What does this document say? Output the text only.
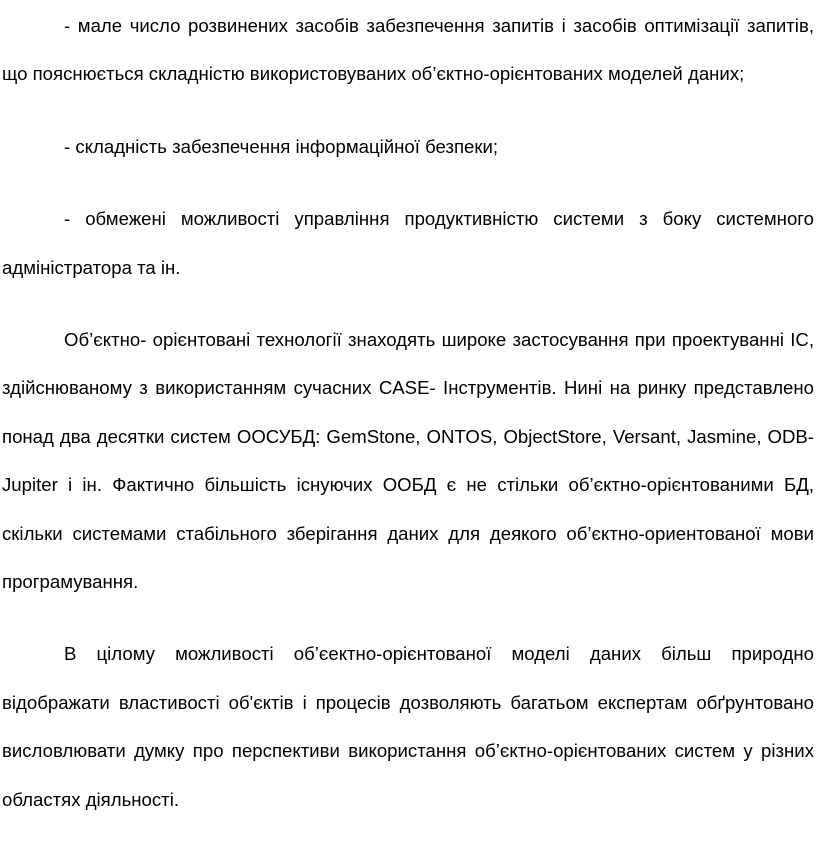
- мале число розвинених засобів забезпечення запитів і засобів оптимізації запитів, що пояснюється складністю використовуваних об’єктно-орієнтованих моделей даних;

- складність забезпечення інформаційної безпеки;

- обмежені можливості управління продуктивністю системи з боку системного адміністратора та ін.

Об’єктно- орієнтовані технології знаходять широке застосування при проектуванні ІС, здійснюваному з використанням сучасних CASE- Інструментів. Нині на ринку представлено понад два десятки систем ООСУБД: GemStone, ONTOS, ObjectStore, Versant, Jasmine, ODB-Jupiter і ін. Фактично більшість існуючих ООБД є не стільки об’єктно-орієнтованими БД, скільки системами стабільного зберігання даних для деякого об’єктно-ориентованої мови програмування.

В цілому можливості об’єектно-орієнтованої моделі даних більш природно відображати властивості об'єктів і процесів дозволяють багатьом експертам обґрунтовано висловлювати думку про перспективи використання об’єктно-орієнтованих систем у різних областях діяльності.
